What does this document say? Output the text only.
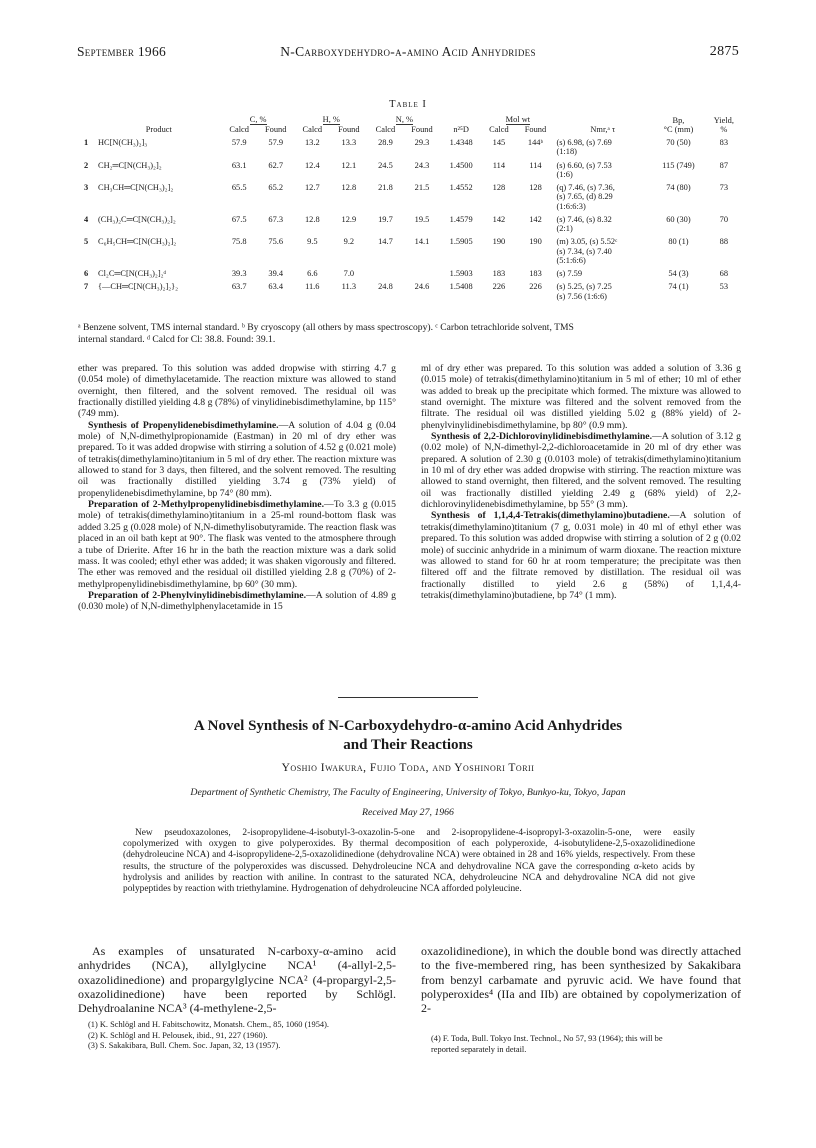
September 1966	N-Carboxydehydro-α-amino Acid Anhydrides	2875
Table I
		C, %		H, %		N, %			Mol wt			Bp,	Yield,
	Product	Calcd	Found	Calcd	Found	Calcd	Found	n²⁵D	Calcd	Found	Nmr,ᵃ τ	°C (mm)	%
1	HC[N(CH₃)₂]₃	57.9	57.9	13.2	13.3	28.9	29.3	1.4348	145	144ᵇ	(s) 6.98, (s) 7.69
(1:18)	70 (50)	83
2	CH₂═C[N(CH₃)₂]₂	63.1	62.7	12.4	12.1	24.5	24.3	1.4500	114	114	(s) 6.60, (s) 7.53
(1:6)	115 (749)	87
3	CH₃CH═C[N(CH₃)₂]₂	65.5	65.2	12.7	12.8	21.8	21.5	1.4552	128	128	(q) 7.46, (s) 7.36,
(s) 7.65, (d) 8.29
(1:6:6:3)	74 (80)	73
4	(CH₃)₂C═C[N(CH₃)₂]₂	67.5	67.3	12.8	12.9	19.7	19.5	1.4579	142	142	(s) 7.46, (s) 8.32
(2:1)	60 (30)	70
5	C₆H₅CH═C[N(CH₃)₂]₂	75.8	75.6	9.5	9.2	14.7	14.1	1.5905	190	190	(m) 3.05, (s) 5.52ᶜ
(s) 7.34, (s) 7.40
(5:1:6:6)	80 (1)	88
6	Cl₂C═C[N(CH₃)₂]₂ᵈ	39.3	39.4	6.6	7.0			1.5903	183	183	(s) 7.59	54 (3)	68
7	{—CH═C[N(CH₃)₂]₂}₂	63.7	63.4	11.6	11.3	24.8	24.6	1.5408	226	226	(s) 5.25, (s) 7.25
(s) 7.56 (1:6:6)	74 (1)	53
ᵃ Benzene solvent, TMS internal standard. ᵇ By cryoscopy (all others by mass spectroscopy). ᶜ Carbon tetrachloride solvent, TMS
internal standard. ᵈ Calcd for Cl: 38.8. Found: 39.1.

ether was prepared. To this solution was added dropwise with stirring 4.7 g (0.054 mole) of dimethylacetamide. The reaction mixture was allowed to stand overnight, then filtered, and the solvent removed. The residual oil was fractionally distilled yielding 4.8 g (78%) of vinylidinebisdimethylamine, bp 115° (749 mm).

Synthesis of Propenylidenebisdimethylamine.—A solution of 4.04 g (0.04 mole) of N,N-dimethylpropionamide (Eastman) in 20 ml of dry ether was prepared. To it was added dropwise with stirring a solution of 4.52 g (0.021 mole) of tetrakis(dimethylamino)titanium in 5 ml of dry ether. The reaction mixture was allowed to stand for 3 days, then filtered, and the solvent removed. The resulting oil was fractionally distilled yielding 3.74 g (73% yield) of propenylidenebisdimethylamine, bp 74° (80 mm).

Preparation of 2-Methylpropenylidinebisdimethylamine.—To 3.3 g (0.015 mole) of tetrakis(dimethylamino)titanium in a 25-ml round-bottom flask was added 3.25 g (0.028 mole) of N,N-dimethylisobutyramide. The reaction flask was placed in an oil bath kept at 90°. The flask was vented to the atmosphere through a tube of Drierite. After 16 hr in the bath the reaction mixture was a dark solid mass. It was cooled; ethyl ether was added; it was shaken vigorously and filtered. The ether was removed and the residual oil distilled yielding 2.8 g (70%) of 2-methylpropenylidinebisdimethylamine, bp 60° (30 mm).

Preparation of 2-Phenylvinylidinebisdimethylamine.—A solution of 4.89 g (0.030 mole) of N,N-dimethylphenylacetamide in 15

ml of dry ether was prepared. To this solution was added a solution of 3.36 g (0.015 mole) of tetrakis(dimethylamino)titanium in 5 ml of ether; 10 ml of ether was added to break up the precipitate which formed. The mixture was allowed to stand overnight. The mixture was filtered and the solvent removed from the filtrate. The residual oil was distilled yielding 5.02 g (88% yield) of 2-phenylvinylidinebisdimethylamine, bp 80° (0.9 mm).

Synthesis of 2,2-Dichlorovinylidinebisdimethylamine.—A solution of 3.12 g (0.02 mole) of N,N-dimethyl-2,2-dichloroacetamide in 20 ml of dry ether was prepared. A solution of 2.30 g (0.0103 mole) of tetrakis(dimethylamino)titanium in 10 ml of dry ether was added dropwise with stirring. The reaction mixture was allowed to stand overnight, then filtered, and the solvent removed. The resulting oil was fractionally distilled yielding 2.49 g (68% yield) of 2,2-dichlorovinylidenebisdimethylamine, bp 55° (3 mm).

Synthesis of 1,1,4,4-Tetrakis(dimethylamino)butadiene.—A solution of tetrakis(dimethylamino)titanium (7 g, 0.031 mole) in 40 ml of ethyl ether was prepared. To this solution was added dropwise with stirring a solution of 2 g (0.02 mole) of succinic anhydride in a minimum of warm dioxane. The reaction mixture was allowed to stand for 60 hr at room temperature; the precipitate was then filtered off and the filtrate removed by distillation. The residual oil was fractionally distilled to yield 2.6 g (58%) of 1,1,4,4-tetrakis(dimethylamino)butadiene, bp 74° (1 mm).

A Novel Synthesis of N-Carboxydehydro-α-amino Acid Anhydrides
and Their Reactions
Yoshio Iwakura, Fujio Toda, and Yoshinori Torii
Department of Synthetic Chemistry, The Faculty of Engineering, University of Tokyo, Bunkyo-ku, Tokyo, Japan
Received May 27, 1966
New pseudoxazolones, 2-isopropylidene-4-isobutyl-3-oxazolin-5-one and 2-isopropylidene-4-isopropyl-3-oxazolin-5-one, were easily copolymerized with oxygen to give polyperoxides. By thermal decomposition of each polyperoxide, 4-isobutylidene-2,5-oxazolidinedione (dehydroleucine NCA) and 4-isopropylidene-2,5-oxazolidinedione (dehydrovaline NCA) were obtained in 28 and 16% yields, respectively. From these results, the structure of the polyperoxides was discussed. Dehydroleucine NCA and dehydrovaline NCA gave the corresponding α-keto acids by hydrolysis and anilides by reaction with aniline. In contrast to the saturated NCA, dehydroleucine NCA and dehydrovaline NCA did not give polypeptides by reaction with triethylamine. Hydrogenation of dehydroleucine NCA afforded polyleucine.
As examples of unsaturated N-carboxy-α-amino acid anhydrides (NCA), allylglycine NCA¹ (4-allyl-2,5-oxazolidinedione) and propargylglycine NCA² (4-propargyl-2,5-oxazolidinedione) have been reported by Schlögl. Dehydroalanine NCA³ (4-methylene-2,5-
oxazolidinedione), in which the double bond was directly attached to the five-membered ring, has been synthesized by Sakakibara from benzyl carbamate and pyruvic acid. We have found that polyperoxides⁴ (IIa and IIb) are obtained by copolymerization of 2-
(1) K. Schlögl and H. Fabitschowitz, Monatsh. Chem., 85, 1060 (1954).
(2) K. Schlögl and H. Pelousek, ibid., 91, 227 (1960).
(3) S. Sakakibara, Bull. Chem. Soc. Japan, 32, 13 (1957).
(4) F. Toda, Bull. Tokyo Inst. Technol., No 57, 93 (1964); this will be
reported separately in detail.
